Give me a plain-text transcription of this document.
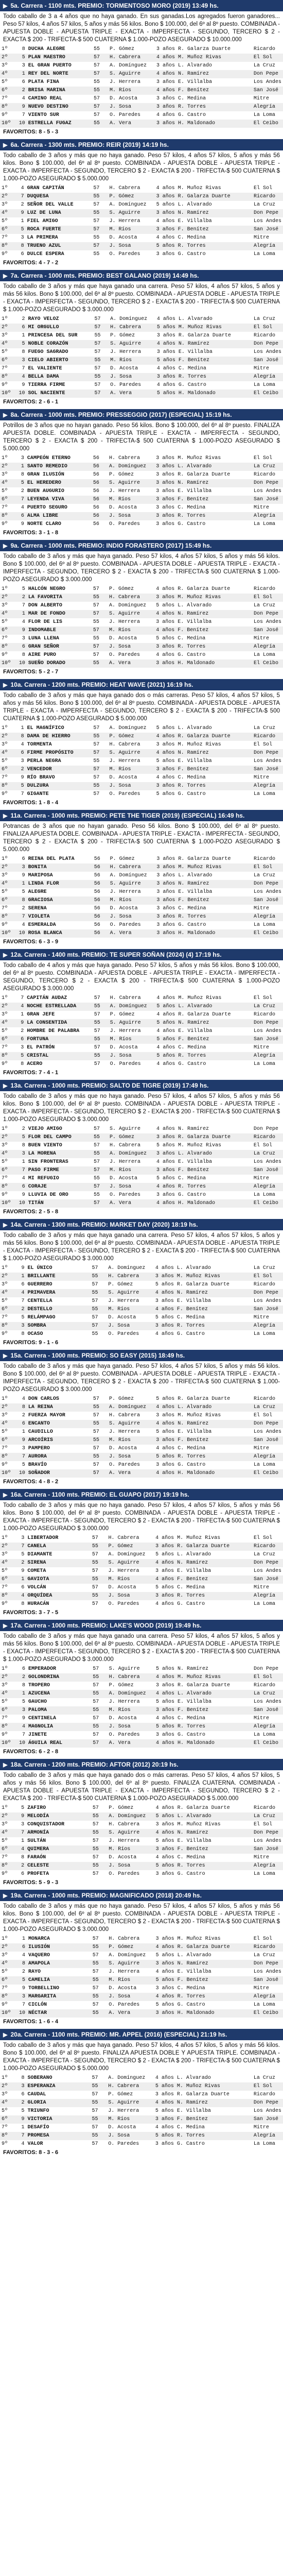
▶ 5a. Carrera - 1100 mts. PREMIO: TORMENTOSO MORO (2019) 13:49 hs.
Todo caballo de 3 a 4 años que no haya ganado. En sus ganadas.Los agregados fueron ganadores... Peso 57 kilos, 4 años 57 kilos, 5 años y más 56 kilos. Bono $ 100.000, del 6º al 8º puesto. COMBINADA - APUESTA DOBLE - APUESTA TRIPLE - EXACTA - IMPERFECTA - SEGUNDO, TERCERO $ 2 - EXACTA $ 200 - TRIFECTA-$ 500 CUATERNA $ 1.000-POZO ASEGURADO $ 10.000.000
1º	8	DUCHA ALEGRE	55	P. Gómez	3 años	R. Galarza Duarte	Ricardo
2º	5	PLAN MAESTRO	57	H. Cabrera	4 años	M. Muñoz Rivas	El Sol
3º	3	EL GRAN PUERTO	57	A. Domínguez	3 años	L. Alvarado	La Cruz
4º	1	REY DEL NORTE	57	S. Aguirre	4 años	N. Ramírez	Don Pepe
5º	6	PLATA FINA	55	J. Herrera	3 años	E. Villalba	Los Andes
6º	2	BRISA MARINA	55	M. Ríos	4 años	F. Benítez	San José
7º	4	CAMINO REAL	57	D. Acosta	3 años	C. Medina	Mitre
8º	9	NUEVO DESTINO	57	J. Sosa	3 años	R. Torres	Alegría
9º	7	VIENTO SUR	57	O. Paredes	4 años	G. Castro	La Loma
10º	10	ESTRELLA FUGAZ	55	A. Vera	3 años	H. Maldonado	El Ceibo
FAVORITOS: 8 - 5 - 3
▶ 6a. Carrera - 1300 mts. PREMIO: REIR (2019) 14:19 hs.
Todo caballo de 3 años y más que no haya ganado. Peso 57 kilos, 4 años 57 kilos, 5 años y más 56 kilos. Bono $ 100.000, del 6º al 8º puesto. COMBINADA - APUESTA DOBLE - APUESTA TRIPLE - EXACTA - IMPERFECTA - SEGUNDO, TERCERO $ 2 - EXACTA $ 200 - TRIFECTA-$ 500 CUATERNA $ 1.000-POZO ASEGURADO $ 5.000.000
1º	4	GRAN CAPITÁN	57	H. Cabrera	4 años	M. Muñoz Rivas	El Sol
2º	7	DUQUESA	55	P. Gómez	3 años	R. Galarza Duarte	Ricardo
3º	2	SEÑOR DEL VALLE	57	A. Domínguez	5 años	L. Alvarado	La Cruz
4º	9	LUZ DE LUNA	55	S. Aguirre	3 años	N. Ramírez	Don Pepe
5º	1	FIEL AMIGO	57	J. Herrera	4 años	E. Villalba	Los Andes
6º	5	ROCA FUERTE	57	M. Ríos	3 años	F. Benítez	San José
7º	3	LA PRIMERA	55	D. Acosta	4 años	C. Medina	Mitre
8º	8	TRUENO AZUL	57	J. Sosa	5 años	R. Torres	Alegría
9º	6	DULCE ESPERA	55	O. Paredes	3 años	G. Castro	La Loma
FAVORITOS: 4 - 7 - 2
▶ 7a. Carrera - 1000 mts. PREMIO: BEST GALANO (2019) 14:49 hs.
Todo caballo de 3 años y más que haya ganado una carrera. Peso 57 kilos, 4 años 57 kilos, 5 años y más 56 kilos. Bono $ 100.000, del 6º al 8º puesto. COMBINADA - APUESTA DOBLE - APUESTA TRIPLE - EXACTA - IMPERFECTA - SEGUNDO, TERCERO $ 2 - EXACTA $ 200 - TRIFECTA-$ 500 CUATERNA $ 1.000-POZO ASEGURADO $ 3.000.000
1º	2	RAYO VELOZ	57	A. Domínguez	4 años	L. Alvarado	La Cruz
2º	6	MI ORGULLO	57	H. Cabrera	5 años	M. Muñoz Rivas	El Sol
3º	1	PRINCESA DEL SUR	55	P. Gómez	3 años	R. Galarza Duarte	Ricardo
4º	5	NOBLE CORAZÓN	57	S. Aguirre	4 años	N. Ramírez	Don Pepe
5º	8	FUEGO SAGRADO	57	J. Herrera	3 años	E. Villalba	Los Andes
6º	3	CIELO ABIERTO	55	M. Ríos	5 años	F. Benítez	San José
7º	7	EL VALIENTE	57	D. Acosta	4 años	C. Medina	Mitre
8º	4	BELLA DAMA	55	J. Sosa	3 años	R. Torres	Alegría
9º	9	TIERRA FIRME	57	O. Paredes	4 años	G. Castro	La Loma
10º	10	SOL NACIENTE	57	A. Vera	5 años	H. Maldonado	El Ceibo
FAVORITOS: 2 - 6 - 1
▶ 8a. Carrera - 1000 mts. PREMIO: PRESSEGGIO (2017) (ESPECIAL) 15:19 hs.
Potrillos de 3 años que no hayan ganado. Peso 56 kilos. Bono $ 100.000, del 6º al 8º puesto. FINALIZA APUESTA DOBLE. COMBINADA - APUESTA TRIPLE - EXACTA - IMPERFECTA - SEGUNDO, TERCERO $ 2 - EXACTA $ 200 - TRIFECTA-$ 500 CUATERNA $ 1.000-POZO ASEGURADO $ 5.000.000
1º	3	CAMPEÓN ETERNO	56	H. Cabrera	3 años	M. Muñoz Rivas	El Sol
2º	1	SANTO REMEDIO	56	A. Domínguez	3 años	L. Alvarado	La Cruz
3º	8	GRAN ILUSIÓN	56	P. Gómez	3 años	R. Galarza Duarte	Ricardo
4º	5	EL HEREDERO	56	S. Aguirre	3 años	N. Ramírez	Don Pepe
5º	2	BUEN AUGURIO	56	J. Herrera	3 años	E. Villalba	Los Andes
6º	7	LEYENDA VIVA	56	M. Ríos	3 años	F. Benítez	San José
7º	4	PUERTO SEGURO	56	D. Acosta	3 años	C. Medina	Mitre
8º	6	ALMA LIBRE	56	J. Sosa	3 años	R. Torres	Alegría
9º	9	NORTE CLARO	56	O. Paredes	3 años	G. Castro	La Loma
FAVORITOS: 3 - 1 - 8
▶ 9a. Carrera - 1000 mts. PREMIO: INDIO FORASTERO (2017) 15:49 hs.
Todo caballo de 3 años y más que haya ganado. Peso 57 kilos, 4 años 57 kilos, 5 años y más 56 kilos. Bono $ 100.000, del 6º al 8º puesto. COMBINADA - APUESTA DOBLE - APUESTA TRIPLE - EXACTA - IMPERFECTA - SEGUNDO, TERCERO $ 2 - EXACTA $ 200 - TRIFECTA-$ 500 CUATERNA $ 1.000-POZO ASEGURADO $ 3.000.000
1º	5	HALCÓN NEGRO	57	P. Gómez	4 años	R. Galarza Duarte	Ricardo
2º	2	LA FAVORITA	55	H. Cabrera	3 años	M. Muñoz Rivas	El Sol
3º	7	DON ALBERTO	57	A. Domínguez	5 años	L. Alvarado	La Cruz
4º	1	MAR DE FONDO	57	S. Aguirre	4 años	N. Ramírez	Don Pepe
5º	4	FLOR DE LIS	55	J. Herrera	3 años	E. Villalba	Los Andes
6º	9	INDOMABLE	57	M. Ríos	4 años	F. Benítez	San José
7º	3	LUNA LLENA	55	D. Acosta	5 años	C. Medina	Mitre
8º	6	GRAN SEÑOR	57	J. Sosa	3 años	R. Torres	Alegría
9º	8	AIRE PURO	57	O. Paredes	4 años	G. Castro	La Loma
10º	10	SUEÑO DORADO	55	A. Vera	3 años	H. Maldonado	El Ceibo
FAVORITOS: 5 - 2 - 7
▶ 10a. Carrera - 1200 mts. PREMIO: HEAT WAVE (2021) 16:19 hs.
Todo caballo de 3 años y más que haya ganado dos o más carreras. Peso 57 kilos, 4 años 57 kilos, 5 años y más 56 kilos. Bono $ 100.000, del 6º al 8º puesto. COMBINADA - APUESTA DOBLE - APUESTA TRIPLE - EXACTA - IMPERFECTA - SEGUNDO, TERCERO $ 2 - EXACTA $ 200 - TRIFECTA-$ 500 CUATERNA $ 1.000-POZO ASEGURADO $ 5.000.000
1º	1	EL MAGNÍFICO	57	A. Domínguez	5 años	L. Alvarado	La Cruz
2º	8	DAMA DE HIERRO	55	P. Gómez	4 años	R. Galarza Duarte	Ricardo
3º	4	TORMENTA	57	H. Cabrera	3 años	M. Muñoz Rivas	El Sol
4º	6	FIRME PROPÓSITO	57	S. Aguirre	4 años	N. Ramírez	Don Pepe
5º	3	PERLA NEGRA	55	J. Herrera	5 años	E. Villalba	Los Andes
6º	2	VENCEDOR	57	M. Ríos	3 años	F. Benítez	San José
7º	9	RÍO BRAVO	57	D. Acosta	4 años	C. Medina	Mitre
8º	5	DULZURA	55	J. Sosa	3 años	R. Torres	Alegría
9º	7	GIGANTE	57	O. Paredes	5 años	G. Castro	La Loma
FAVORITOS: 1 - 8 - 4
▶ 11a. Carrera - 1000 mts. PREMIO: PETE THE TIGER (2019) (ESPECIAL) 16:49 hs.
Potrancas de 3 años que no hayan ganado. Peso 56 kilos. Bono $ 100.000, del 6º al 8º puesto. FINALIZA APUESTA DOBLE. COMBINADA - APUESTA TRIPLE - EXACTA - IMPERFECTA - SEGUNDO, TERCERO $ 2 - EXACTA $ 200 - TRIFECTA-$ 500 CUATERNA $ 1.000-POZO ASEGURADO $ 5.000.000
1º	6	REINA DEL PLATA	56	P. Gómez	3 años	R. Galarza Duarte	Ricardo
2º	3	BONITA	56	H. Cabrera	3 años	M. Muñoz Rivas	El Sol
3º	9	MARIPOSA	56	A. Domínguez	3 años	L. Alvarado	La Cruz
4º	1	LINDA FLOR	56	S. Aguirre	3 años	N. Ramírez	Don Pepe
5º	5	ALEGRE	56	J. Herrera	3 años	E. Villalba	Los Andes
6º	8	GRACIOSA	56	M. Ríos	3 años	F. Benítez	San José
7º	2	SERENA	56	D. Acosta	3 años	C. Medina	Mitre
8º	7	VIOLETA	56	J. Sosa	3 años	R. Torres	Alegría
9º	4	ESMERALDA	56	O. Paredes	3 años	G. Castro	La Loma
10º	10	ROSA BLANCA	56	A. Vera	3 años	H. Maldonado	El Ceibo
FAVORITOS: 6 - 3 - 9
▶ 12a. Carrera - 1400 mts. PREMIO: TE SUPER SOÑAN (2024) (4) 17:19 hs.
Todo caballo de 4 años y más que haya ganado. Peso 57 kilos, 5 años y más 56 kilos. Bono $ 100.000, del 6º al 8º puesto. COMBINADA - APUESTA DOBLE - APUESTA TRIPLE - EXACTA - IMPERFECTA - SEGUNDO, TERCERO $ 2 - EXACTA $ 200 - TRIFECTA-$ 500 CUATERNA $ 1.000-POZO ASEGURADO $ 3.000.000
1º	7	CAPITÁN AUDAZ	57	H. Cabrera	4 años	M. Muñoz Rivas	El Sol
2º	4	NOCHE ESTRELLADA	55	A. Domínguez	5 años	L. Alvarado	La Cruz
3º	1	GRAN JEFE	57	P. Gómez	4 años	R. Galarza Duarte	Ricardo
4º	9	LA CONSENTIDA	55	S. Aguirre	5 años	N. Ramírez	Don Pepe
5º	2	HOMBRE DE PALABRA	57	J. Herrera	4 años	E. Villalba	Los Andes
6º	6	FORTUNA	55	M. Ríos	5 años	F. Benítez	San José
7º	3	EL PATRÓN	57	D. Acosta	4 años	C. Medina	Mitre
8º	5	CRISTAL	55	J. Sosa	5 años	R. Torres	Alegría
9º	8	ACERO	57	O. Paredes	4 años	G. Castro	La Loma
FAVORITOS: 7 - 4 - 1
▶ 13a. Carrera - 1000 mts. PREMIO: SALTO DE TIGRE (2019) 17:49 hs.
Todo caballo de 3 años y más que no haya ganado. Peso 57 kilos, 4 años 57 kilos, 5 años y más 56 kilos. Bono $ 100.000, del 6º al 8º puesto. COMBINADA - APUESTA DOBLE - APUESTA TRIPLE - EXACTA - IMPERFECTA - SEGUNDO, TERCERO $ 2 - EXACTA $ 200 - TRIFECTA-$ 500 CUATERNA $ 1.000-POZO ASEGURADO $ 3.000.000
1º	2	VIEJO AMIGO	57	S. Aguirre	4 años	N. Ramírez	Don Pepe
2º	5	FLOR DEL CAMPO	55	P. Gómez	3 años	R. Galarza Duarte	Ricardo
3º	8	BUEN VIENTO	57	H. Cabrera	5 años	M. Muñoz Rivas	El Sol
4º	3	LA MORENA	55	A. Domínguez	3 años	L. Alvarado	La Cruz
5º	1	SIN FRONTERAS	57	J. Herrera	4 años	E. Villalba	Los Andes
6º	7	PASO FIRME	57	M. Ríos	3 años	F. Benítez	San José
7º	4	MI REFUGIO	55	D. Acosta	5 años	C. Medina	Mitre
8º	6	CORAJE	57	J. Sosa	4 años	R. Torres	Alegría
9º	9	LLUVIA DE ORO	55	O. Paredes	3 años	G. Castro	La Loma
10º	10	TITÁN	57	A. Vera	4 años	H. Maldonado	El Ceibo
FAVORITOS: 2 - 5 - 8
▶ 14a. Carrera - 1300 mts. PREMIO: MARKET DAY (2020) 18:19 hs.
Todo caballo de 3 años y más que haya ganado una carrera. Peso 57 kilos, 4 años 57 kilos, 5 años y más 56 kilos. Bono $ 100.000, del 6º al 8º puesto. COMBINADA - APUESTA DOBLE - APUESTA TRIPLE - EXACTA - IMPERFECTA - SEGUNDO, TERCERO $ 2 - EXACTA $ 200 - TRIFECTA-$ 500 CUATERNA $ 1.000-POZO ASEGURADO $ 3.000.000
1º	9	EL ÚNICO	57	A. Domínguez	4 años	L. Alvarado	La Cruz
2º	1	BRILLANTE	55	H. Cabrera	3 años	M. Muñoz Rivas	El Sol
3º	6	GUERRERO	57	P. Gómez	5 años	R. Galarza Duarte	Ricardo
4º	4	PRIMAVERA	55	S. Aguirre	4 años	N. Ramírez	Don Pepe
5º	7	CENTELLA	57	J. Herrera	3 años	E. Villalba	Los Andes
6º	2	DESTELLO	55	M. Ríos	4 años	F. Benítez	San José
7º	5	RELÁMPAGO	57	D. Acosta	5 años	C. Medina	Mitre
8º	3	SOMBRA	57	J. Sosa	3 años	R. Torres	Alegría
9º	8	OCASO	55	O. Paredes	4 años	G. Castro	La Loma
FAVORITOS: 9 - 1 - 6
▶ 15a. Carrera - 1000 mts. PREMIO: SO EASY (2015) 18:49 hs.
Todo caballo de 3 años y más que haya ganado. Peso 57 kilos, 4 años 57 kilos, 5 años y más 56 kilos. Bono $ 100.000, del 6º al 8º puesto. COMBINADA - APUESTA DOBLE - APUESTA TRIPLE - EXACTA - IMPERFECTA - SEGUNDO, TERCERO $ 2 - EXACTA $ 200 - TRIFECTA-$ 500 CUATERNA $ 1.000-POZO ASEGURADO $ 3.000.000
1º	4	DON CARLOS	57	P. Gómez	5 años	R. Galarza Duarte	Ricardo
2º	8	LA REINA	55	A. Domínguez	4 años	L. Alvarado	La Cruz
3º	2	FUERZA MAYOR	57	H. Cabrera	3 años	M. Muñoz Rivas	El Sol
4º	6	ENCANTO	55	S. Aguirre	4 años	N. Ramírez	Don Pepe
5º	1	CAUDILLO	57	J. Herrera	5 años	E. Villalba	Los Andes
6º	9	ARCOÍRIS	55	M. Ríos	3 años	F. Benítez	San José
7º	3	PAMPERO	57	D. Acosta	4 años	C. Medina	Mitre
8º	7	AURORA	55	J. Sosa	5 años	R. Torres	Alegría
9º	5	BRAVÍO	57	O. Paredes	3 años	G. Castro	La Loma
10º	10	SOÑADOR	57	A. Vera	4 años	H. Maldonado	El Ceibo
FAVORITOS: 4 - 8 - 2
▶ 16a. Carrera - 1100 mts. PREMIO: EL GUAPO (2017) 19:19 hs.
Todo caballo de 3 años y más que no haya ganado. Peso 57 kilos, 4 años 57 kilos, 5 años y más 56 kilos. Bono $ 100.000, del 6º al 8º puesto. COMBINADA - APUESTA DOBLE - APUESTA TRIPLE - EXACTA - IMPERFECTA - SEGUNDO, TERCERO $ 2 - EXACTA $ 200 - TRIFECTA-$ 500 CUATERNA $ 1.000-POZO ASEGURADO $ 3.000.000
1º	3	LIBERTADOR	57	H. Cabrera	4 años	M. Muñoz Rivas	El Sol
2º	7	CANELA	55	P. Gómez	3 años	R. Galarza Duarte	Ricardo
3º	5	DIAMANTE	57	A. Domínguez	5 años	L. Alvarado	La Cruz
4º	2	SIRENA	55	S. Aguirre	4 años	N. Ramírez	Don Pepe
5º	9	COMETA	57	J. Herrera	3 años	E. Villalba	Los Andes
6º	1	GAVIOTA	55	M. Ríos	4 años	F. Benítez	San José
7º	6	VOLCÁN	57	D. Acosta	5 años	C. Medina	Mitre
8º	4	ORQUÍDEA	55	J. Sosa	3 años	R. Torres	Alegría
9º	8	HURACÁN	57	O. Paredes	4 años	G. Castro	La Loma
FAVORITOS: 3 - 7 - 5
▶ 17a. Carrera - 1000 mts. PREMIO: LAKE'S WOOD (2019) 19:49 hs.
Todo caballo de 3 años y más que haya ganado una carrera. Peso 57 kilos, 4 años 57 kilos, 5 años y más 56 kilos. Bono $ 100.000, del 6º al 8º puesto. COMBINADA - APUESTA DOBLE - APUESTA TRIPLE - EXACTA - IMPERFECTA - SEGUNDO, TERCERO $ 2 - EXACTA $ 200 - TRIFECTA-$ 500 CUATERNA $ 1.000-POZO ASEGURADO $ 3.000.000
1º	6	EMPERADOR	57	S. Aguirre	5 años	N. Ramírez	Don Pepe
2º	2	GOLONDRINA	55	H. Cabrera	4 años	M. Muñoz Rivas	El Sol
3º	8	TROPERO	57	P. Gómez	3 años	R. Galarza Duarte	Ricardo
4º	1	AZUCENA	55	A. Domínguez	4 años	L. Alvarado	La Cruz
5º	5	GAUCHO	57	J. Herrera	5 años	E. Villalba	Los Andes
6º	3	PALOMA	55	M. Ríos	3 años	F. Benítez	San José
7º	9	CENTINELA	57	D. Acosta	4 años	C. Medina	Mitre
8º	4	MAGNOLIA	55	J. Sosa	5 años	R. Torres	Alegría
9º	7	JINETE	57	O. Paredes	3 años	G. Castro	La Loma
10º	10	ÁGUILA REAL	57	A. Vera	4 años	H. Maldonado	El Ceibo
FAVORITOS: 6 - 2 - 8
▶ 18a. Carrera - 1200 mts. PREMIO: AFTOR (2012) 20:19 hs.
Todo caballo de 3 años y más que haya ganado dos o más carreras. Peso 57 kilos, 4 años 57 kilos, 5 años y más 56 kilos. Bono $ 100.000, del 6º al 8º puesto. FINALIZA CUATERNA. COMBINADA - APUESTA DOBLE - APUESTA TRIPLE - EXACTA - IMPERFECTA - SEGUNDO, TERCERO $ 2 - EXACTA $ 200 - TRIFECTA-$ 500 CUATERNA $ 1.000-POZO ASEGURADO $ 5.000.000
1º	5	ZAFIRO	57	P. Gómez	4 años	R. Galarza Duarte	Ricardo
2º	9	MELODÍA	55	A. Domínguez	5 años	L. Alvarado	La Cruz
3º	3	CONQUISTADOR	57	H. Cabrera	3 años	M. Muñoz Rivas	El Sol
4º	7	ARMONÍA	55	S. Aguirre	4 años	N. Ramírez	Don Pepe
5º	1	SULTÁN	57	J. Herrera	5 años	E. Villalba	Los Andes
6º	4	QUIMERA	55	M. Ríos	3 años	F. Benítez	San José
7º	8	FARAÓN	57	D. Acosta	4 años	C. Medina	Mitre
8º	2	CELESTE	55	J. Sosa	5 años	R. Torres	Alegría
9º	6	PROFETA	57	O. Paredes	3 años	G. Castro	La Loma
FAVORITOS: 5 - 9 - 3
▶ 19a. Carrera - 1000 mts. PREMIO: MAGNIFICADO (2018) 20:49 hs.
Todo caballo de 3 años y más que no haya ganado. Peso 57 kilos, 4 años 57 kilos, 5 años y más 56 kilos. Bono $ 100.000, del 6º al 8º puesto. COMBINADA - APUESTA DOBLE - APUESTA TRIPLE - EXACTA - IMPERFECTA - SEGUNDO, TERCERO $ 2 - EXACTA $ 200 - TRIFECTA-$ 500 CUATERNA $ 1.000-POZO ASEGURADO $ 3.000.000
1º	1	MONARCA	57	H. Cabrera	3 años	M. Muñoz Rivas	El Sol
2º	6	ILUSIÓN	55	P. Gómez	4 años	R. Galarza Duarte	Ricardo
3º	4	VAQUERO	57	A. Domínguez	5 años	L. Alvarado	La Cruz
4º	8	AMAPOLA	55	S. Aguirre	3 años	N. Ramírez	Don Pepe
5º	2	RAYO	57	J. Herrera	4 años	E. Villalba	Los Andes
6º	5	CAMELIA	55	M. Ríos	5 años	F. Benítez	San José
7º	9	TORBELLINO	57	D. Acosta	3 años	C. Medina	Mitre
8º	3	MARGARITA	55	J. Sosa	4 años	R. Torres	Alegría
9º	7	CICLÓN	57	O. Paredes	5 años	G. Castro	La Loma
10º	10	NÉCTAR	55	A. Vera	3 años	H. Maldonado	El Ceibo
FAVORITOS: 1 - 6 - 4
▶ 20a. Carrera - 1100 mts. PREMIO: MR. APPEL (2016) (ESPECIAL) 21:19 hs.
Todo caballo de 3 años y más que haya ganado. Peso 57 kilos, 4 años 57 kilos, 5 años y más 56 kilos. Bono $ 100.000, del 6º al 8º puesto. FINALIZA APUESTA DOBLE Y APUESTA TRIPLE. COMBINADA - EXACTA - IMPERFECTA - SEGUNDO, TERCERO $ 2 - EXACTA $ 200 - TRIFECTA-$ 500 CUATERNA $ 1.000-POZO ASEGURADO $ 5.000.000
1º	8	SOBERANO	57	A. Domínguez	4 años	L. Alvarado	La Cruz
2º	3	ESPERANZA	55	H. Cabrera	5 años	M. Muñoz Rivas	El Sol
3º	6	CAUDAL	57	P. Gómez	3 años	R. Galarza Duarte	Ricardo
4º	2	GLORIA	55	S. Aguirre	4 años	N. Ramírez	Don Pepe
5º	5	TRIUNFO	57	J. Herrera	5 años	E. Villalba	Los Andes
6º	9	VICTORIA	55	M. Ríos	3 años	F. Benítez	San José
7º	1	DESAFÍO	57	D. Acosta	4 años	C. Medina	Mitre
8º	7	PROMESA	55	J. Sosa	5 años	R. Torres	Alegría
9º	4	VALOR	57	O. Paredes	3 años	G. Castro	La Loma
FAVORITOS: 8 - 3 - 6
